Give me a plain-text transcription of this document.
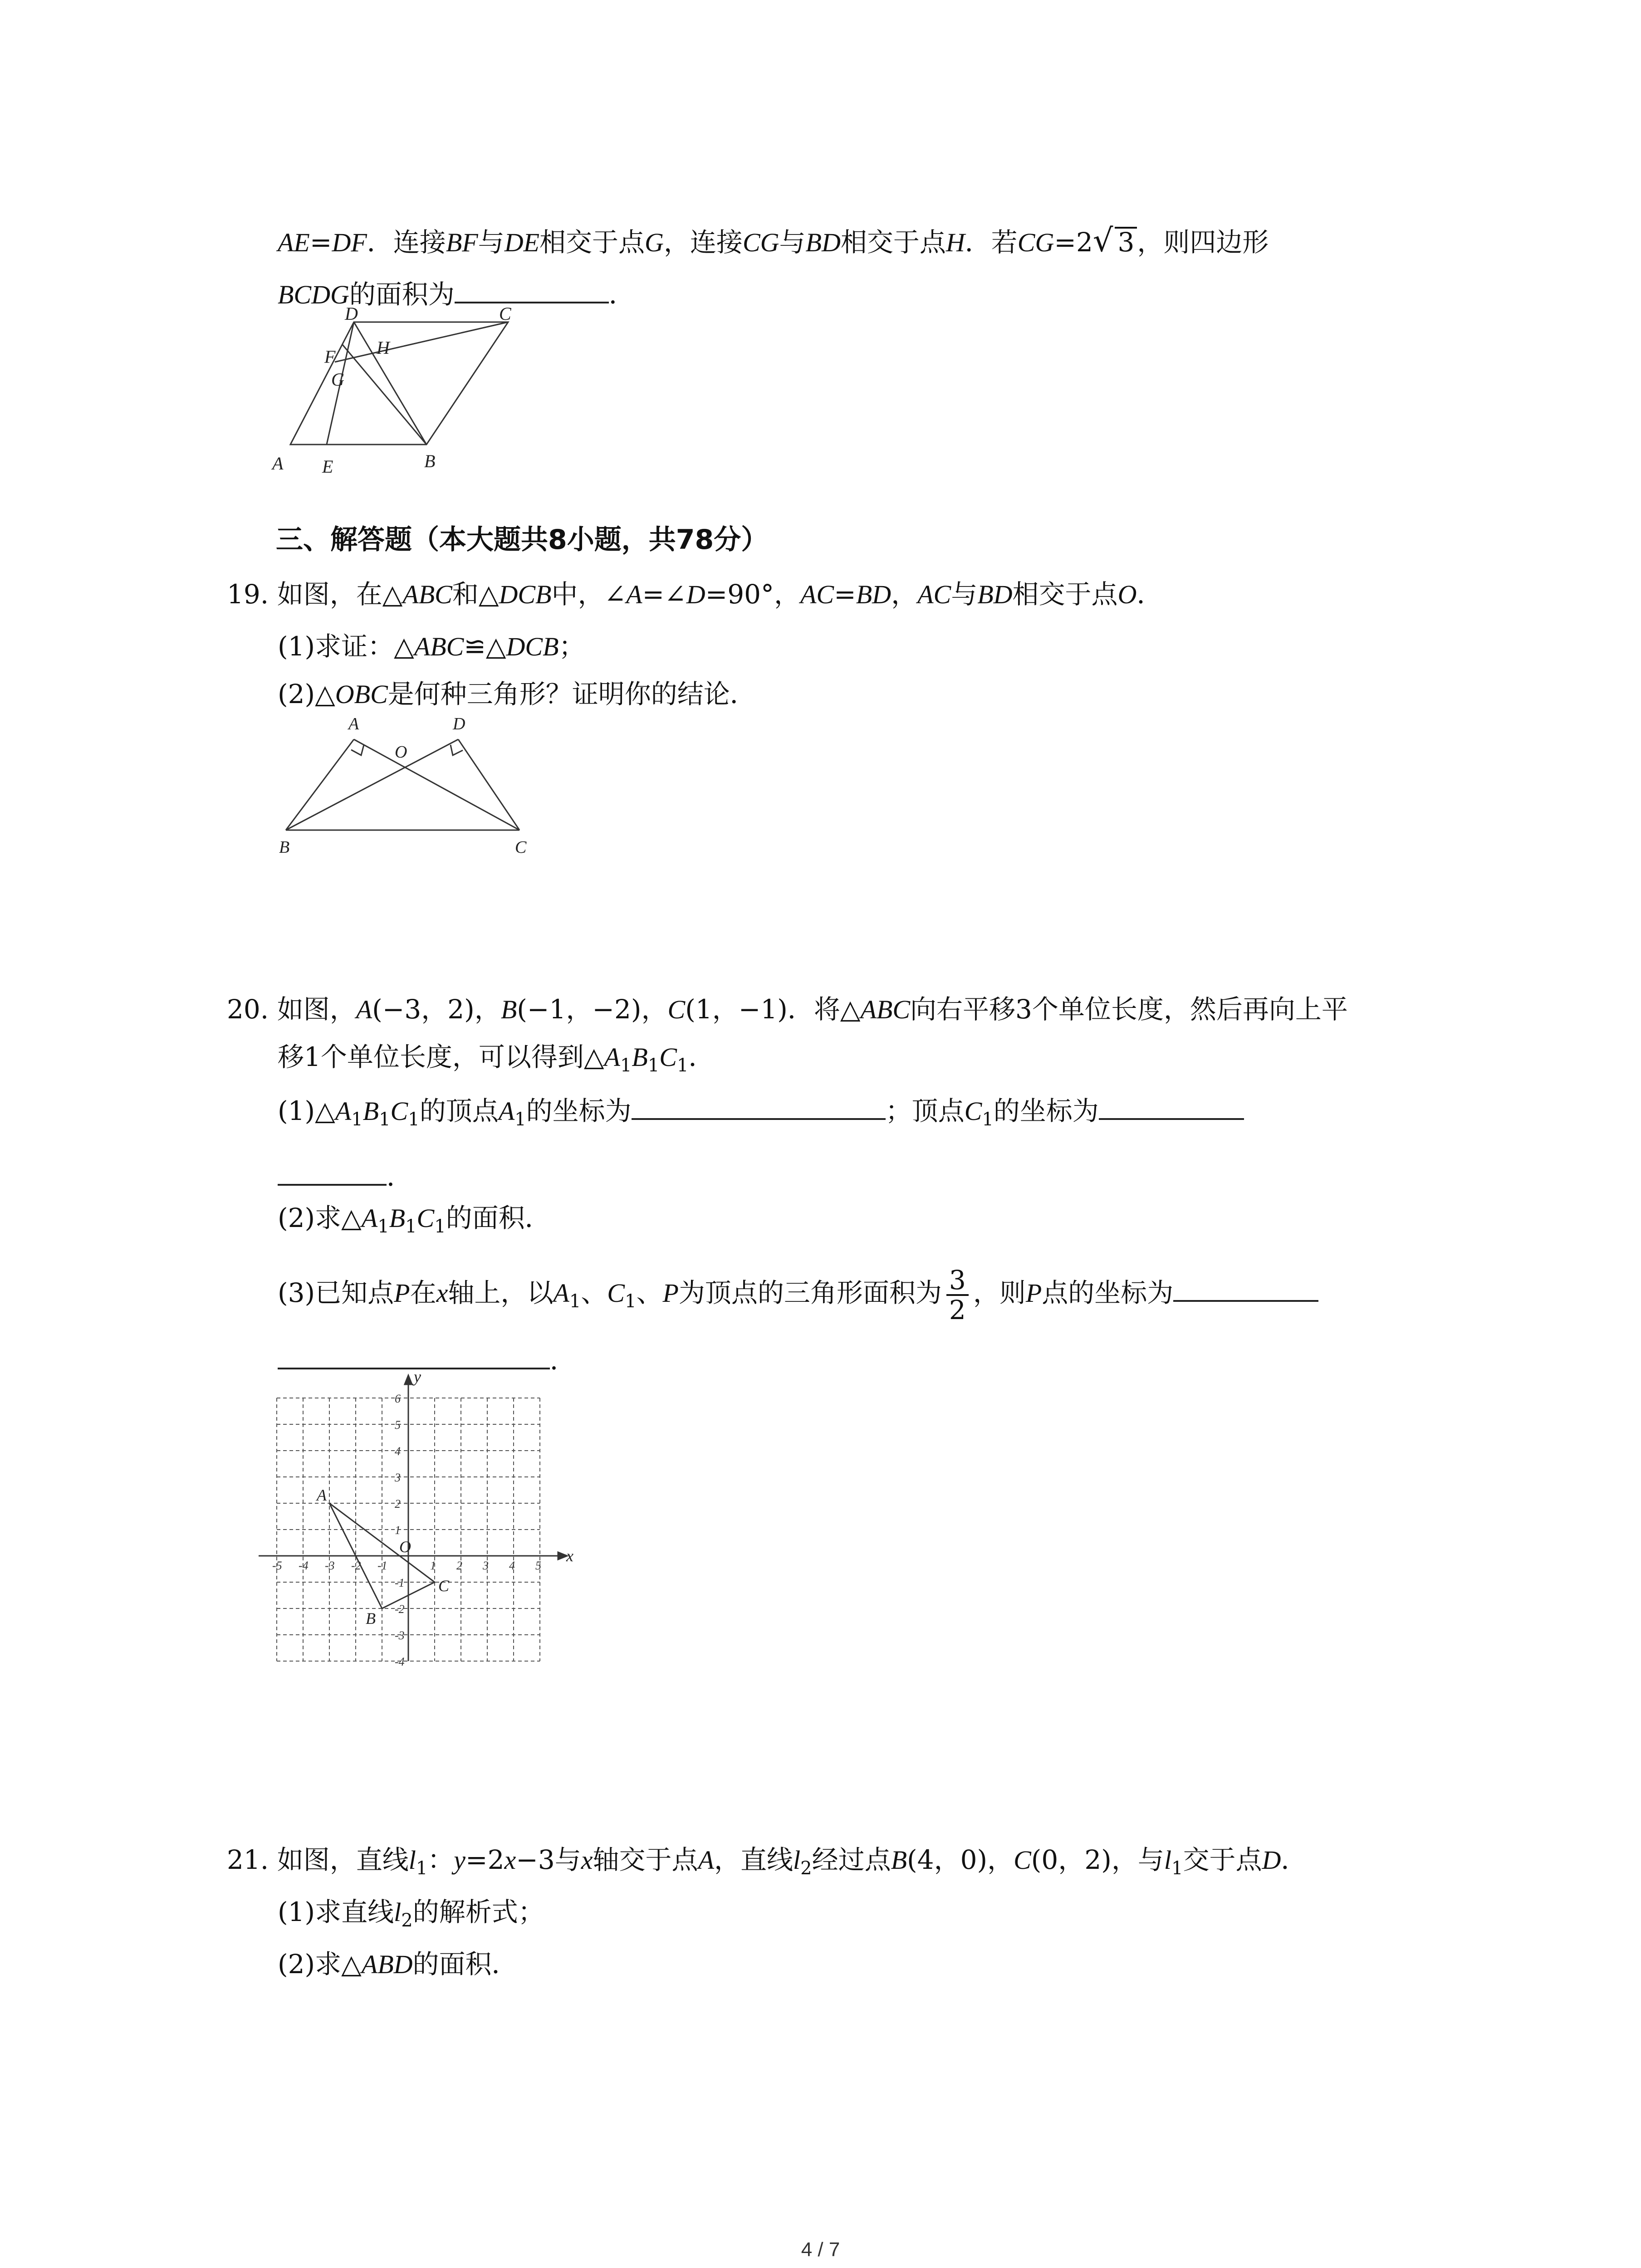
AE=DF．连接BF与DE相交于点G，连接CG与BD相交于点H．若CG=2√ 3 ，则四边形
BCDG的面积为	．
A E	B
D	C
F
G
H
三、解答题（本大题共8小题，共78分）
19. 如图，在△ABC和△DCB中，∠A=∠D=90°，AC=BD，AC与BD相交于点O．
(1)求证：△ABC≌△DCB；
(2)△OBC是何种三角形？证明你的结论．
A	D
O
B	C
20. 如图，A(−3，2)，B(−1，−2)，C(1，−1)．将△ABC向右平移3个单位长度，然后再向上平
移1个单位长度，可以得到$\triangle A_1B_1C_1$．
$(1)\triangle A_1B_1C_1$的顶点$A_1$的坐标为	；顶点$C_1$的坐标为
．
(2)求$\triangle A_1B_1C_1$的面积．
(3)已知点P在x轴上，以$A_1$、$C_1$、P为顶点的三角形面积为 $\frac{3}{2}$ ，则P点的坐标为
．
-5 -4 -3 -2 -1	1 2 3 4 5
6
5
4
3
2
1
-1
-2
-3
-4
x
y
O
A
B
C
21. 如图，直线$l_1$：y=2x−3与x轴交于点A，直线$l_2$经过点B(4，0)，C(0，2)，与$l_1$交于点D．
(1)求直线$l_2$的解析式；
(2)求△ABD的面积．
4 / 7
